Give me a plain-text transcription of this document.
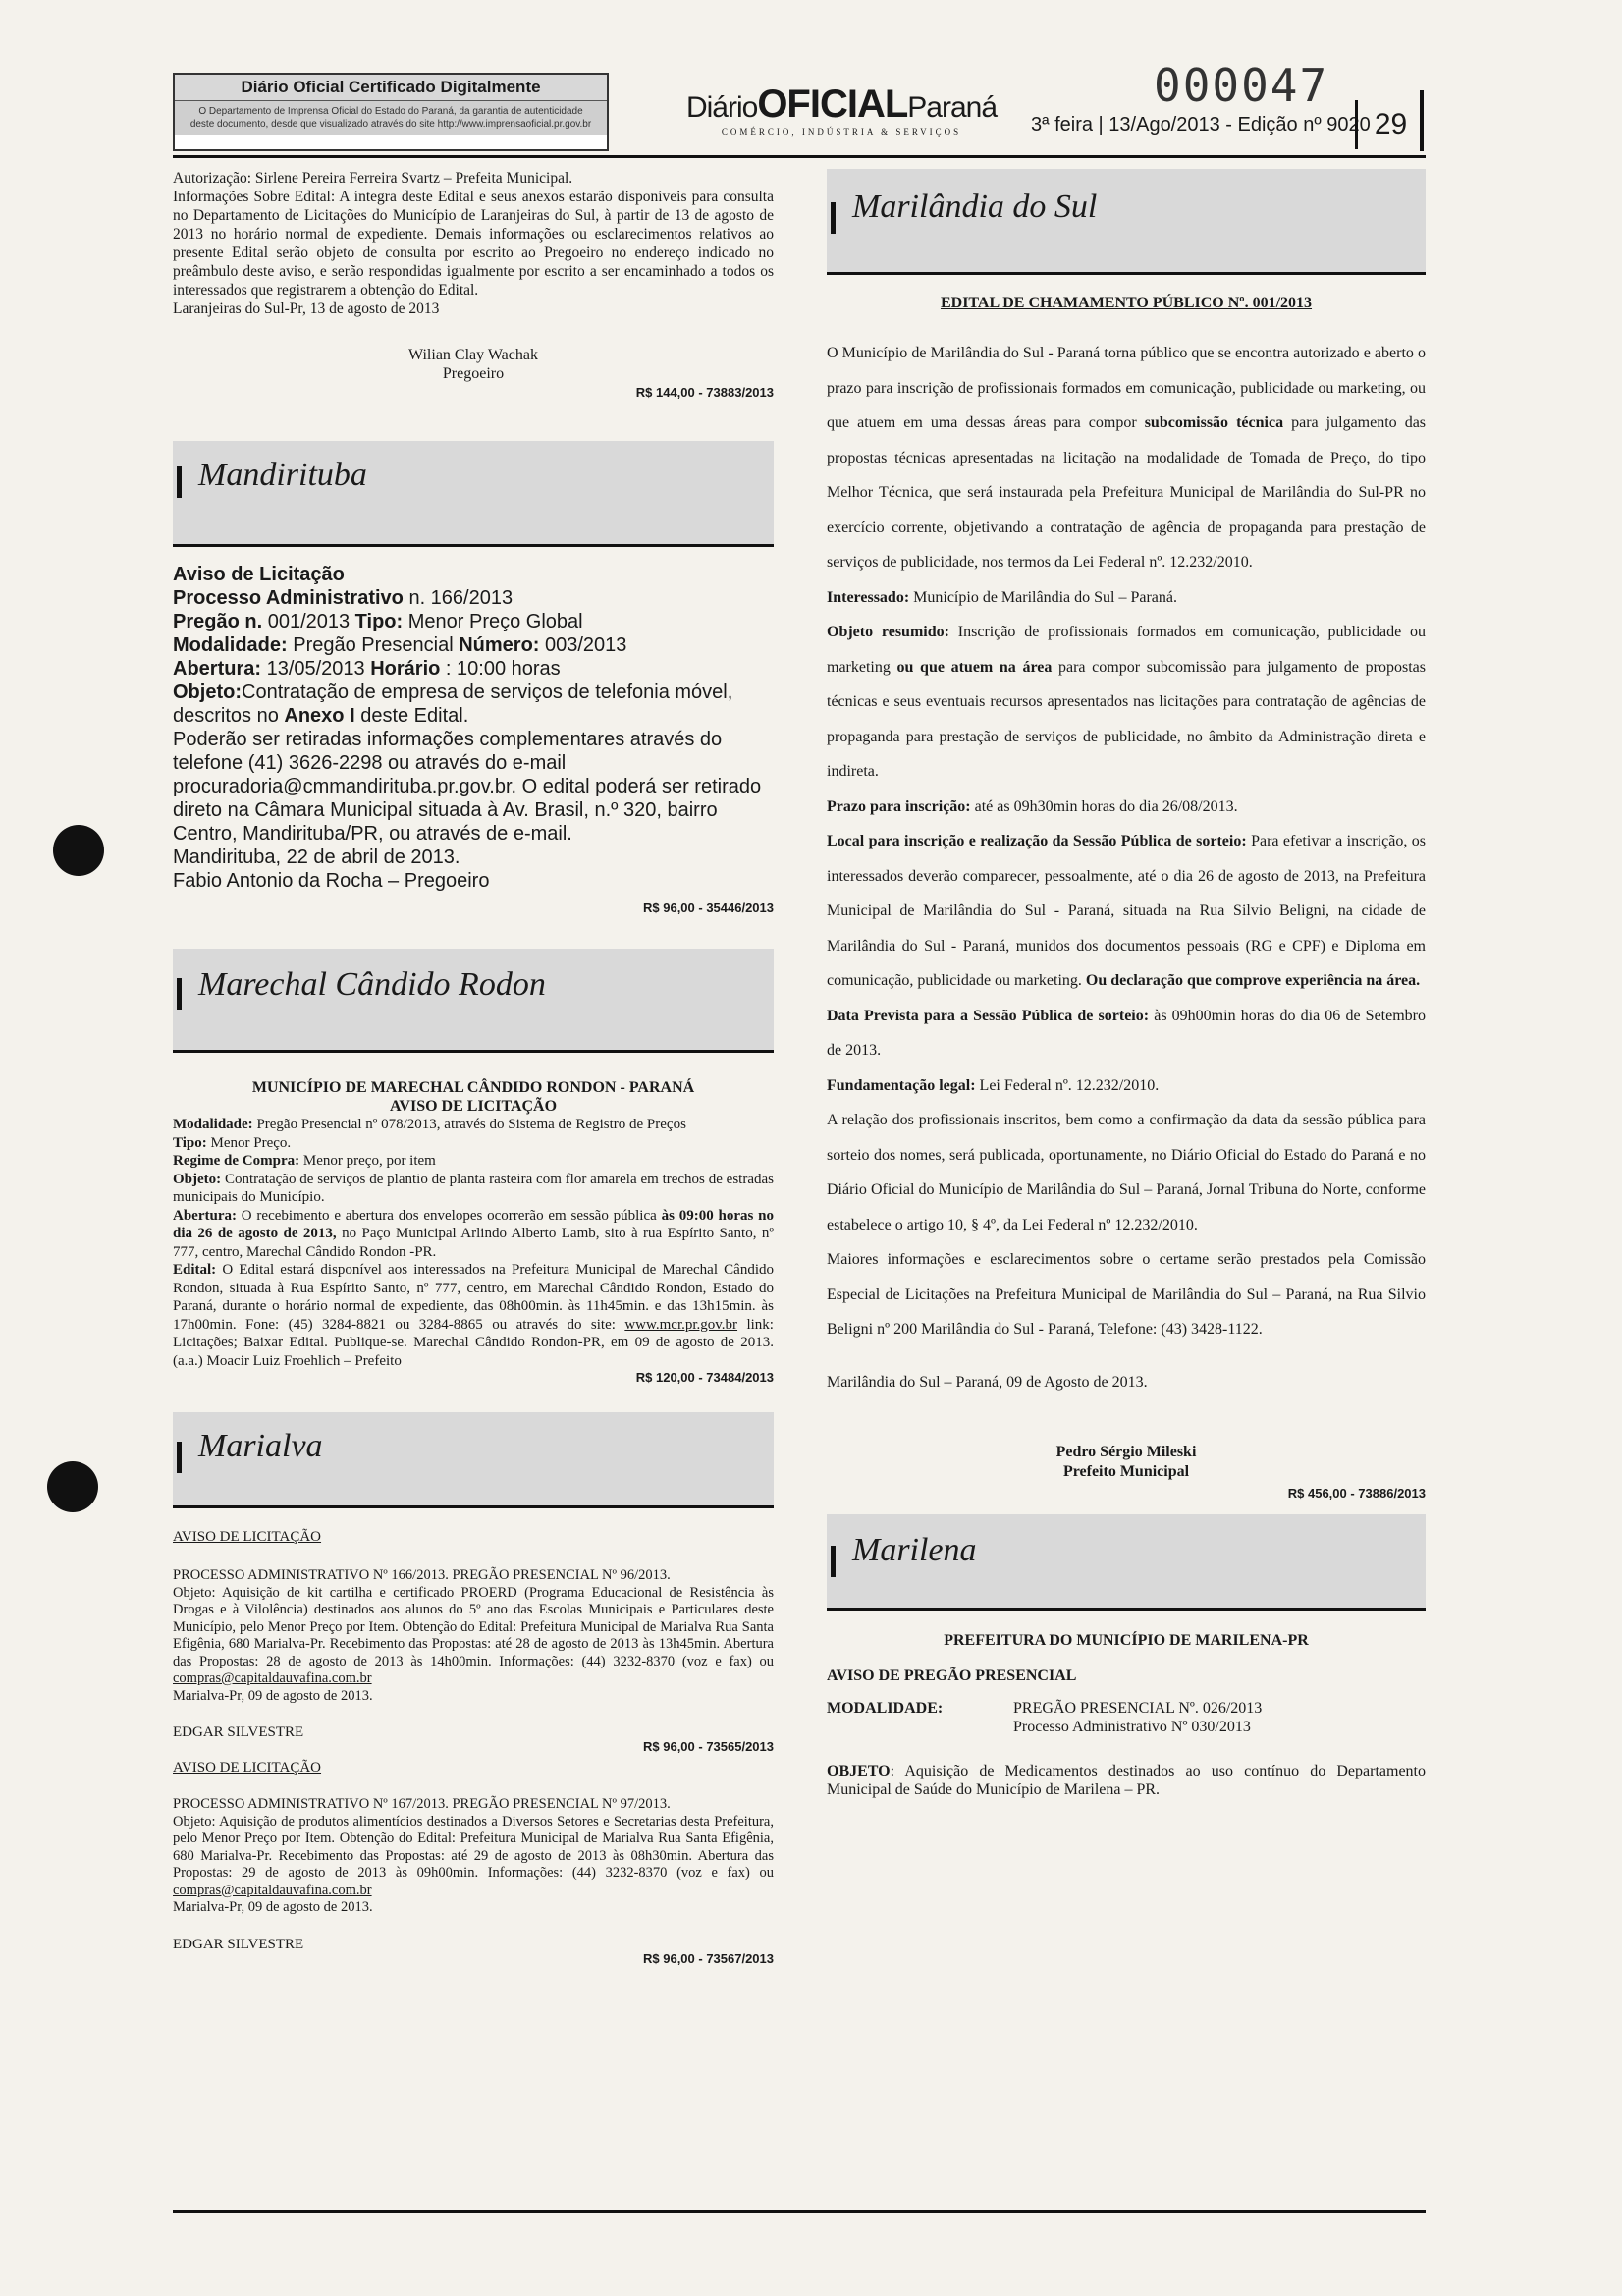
Diário Oficial Certificado Digitalmente
O Departamento de Imprensa Oficial do Estado do Paraná, da garantia de autenticidade deste documento, desde que visualizado através do site http://www.imprensaoficial.pr.gov.br
DiárioOFICIALParaná
COMÉRCIO, INDÚSTRIA & SERVIÇOS
000047
3ª feira | 13/Ago/2013 - Edição nº 9020 29
Autorização: Sirlene Pereira Ferreira Svartz – Prefeita Municipal.
Informações Sobre Edital: A íntegra deste Edital e seus anexos estarão disponíveis para consulta no Departamento de Licitações do Município de Laranjeiras do Sul, à partir de 13 de agosto de 2013 no horário normal de expediente. Demais informações ou esclarecimentos relativos ao presente Edital serão objeto de consulta por escrito ao Pregoeiro no endereço indicado no preâmbulo deste aviso, e serão respondidas igualmente por escrito a ser encaminhado a todos os interessados que registrarem a obtenção do Edital.
Laranjeiras do Sul-Pr, 13 de agosto de 2013
Wilian Clay Wachak
Pregoeiro
R$ 144,00 - 73883/2013
Mandirituba
Aviso de Licitação
Processo Administrativo n. 166/2013
Pregão n. 001/2013 Tipo: Menor Preço Global
Modalidade: Pregão Presencial Número: 003/2013
Abertura: 13/05/2013 Horário : 10:00 horas
Objeto:Contratação de empresa de serviços de telefonia móvel, descritos no Anexo I deste Edital.
Poderão ser retiradas informações complementares através do telefone (41) 3626-2298 ou através do e-mail procuradoria@cmmandirituba.pr.gov.br. O edital poderá ser retirado direto na Câmara Municipal situada à Av. Brasil, n.º 320, bairro Centro, Mandirituba/PR, ou através de e-mail.
Mandirituba, 22 de abril de 2013.
Fabio Antonio da Rocha – Pregoeiro
R$ 96,00 - 35446/2013
Marechal Cândido Rodon
MUNICÍPIO DE MARECHAL CÂNDIDO RONDON - PARANÁ
AVISO DE LICITAÇÃO
Modalidade: Pregão Presencial nº 078/2013, através do Sistema de Registro de Preços
Tipo: Menor Preço.
Regime de Compra: Menor preço, por item
Objeto: Contratação de serviços de plantio de planta rasteira com flor amarela em trechos de estradas municipais do Município.
Abertura: O recebimento e abertura dos envelopes ocorrerão em sessão pública às 09:00 horas no dia 26 de agosto de 2013, no Paço Municipal Arlindo Alberto Lamb, sito à rua Espírito Santo, nº 777, centro, Marechal Cândido Rondon -PR.
Edital: O Edital estará disponível aos interessados na Prefeitura Municipal de Marechal Cândido Rondon, situada à Rua Espírito Santo, nº 777, centro, em Marechal Cândido Rondon, Estado do Paraná, durante o horário normal de expediente, das 08h00min. às 11h45min. e das 13h15min. às 17h00min. Fone: (45) 3284-8821 ou 3284-8865 ou através do site: www.mcr.pr.gov.br link: Licitações; Baixar Edital. Publique-se. Marechal Cândido Rondon-PR, em 09 de agosto de 2013. (a.a.) Moacir Luiz Froehlich – Prefeito
R$ 120,00 - 73484/2013
Marialva
AVISO DE LICITAÇÃO
PROCESSO ADMINISTRATIVO Nº 166/2013. PREGÃO PRESENCIAL Nº 96/2013.
Objeto: Aquisição de kit cartilha e certificado PROERD (Programa Educacional de Resistência às Drogas e à Vilolência) destinados aos alunos do 5º ano das Escolas Municipais e Particulares deste Município, pelo Menor Preço por Item. Obtenção do Edital: Prefeitura Municipal de Marialva Rua Santa Efigênia, 680 Marialva-Pr. Recebimento das Propostas: até 28 de agosto de 2013 às 13h45min. Abertura das Propostas: 28 de agosto de 2013 às 14h00min. Informações: (44) 3232-8370 (voz e fax) ou compras@capitaldauvafina.com.br
Marialva-Pr, 09 de agosto de 2013.
EDGAR SILVESTRE
R$ 96,00 - 73565/2013
AVISO DE LICITAÇÃO
PROCESSO ADMINISTRATIVO Nº 167/2013. PREGÃO PRESENCIAL Nº 97/2013.
Objeto: Aquisição de produtos alimentícios destinados a Diversos Setores e Secretarias desta Prefeitura, pelo Menor Preço por Item. Obtenção do Edital: Prefeitura Municipal de Marialva Rua Santa Efigênia, 680 Marialva-Pr. Recebimento das Propostas: até 29 de agosto de 2013 às 08h30min. Abertura das Propostas: 29 de agosto de 2013 às 09h00min. Informações: (44) 3232-8370 (voz e fax) ou compras@capitaldauvafina.com.br
Marialva-Pr, 09 de agosto de 2013.
EDGAR SILVESTRE
R$ 96,00 - 73567/2013
Marilândia do Sul
EDITAL DE CHAMAMENTO PÚBLICO Nº. 001/2013
O Município de Marilândia do Sul - Paraná torna público que se encontra autorizado e aberto o prazo para inscrição de profissionais formados em comunicação, publicidade ou marketing, ou que atuem em uma dessas áreas para compor subcomissão técnica para julgamento das propostas técnicas apresentadas na licitação na modalidade de Tomada de Preço, do tipo Melhor Técnica, que será instaurada pela Prefeitura Municipal de Marilândia do Sul-PR no exercício corrente, objetivando a contratação de agência de propaganda para prestação de serviços de publicidade, nos termos da Lei Federal nº. 12.232/2010.
Interessado: Município de Marilândia do Sul – Paraná.
Objeto resumido: Inscrição de profissionais formados em comunicação, publicidade ou marketing ou que atuem na área para compor subcomissão para julgamento de propostas técnicas e seus eventuais recursos apresentados nas licitações para contratação de agências de propaganda para prestação de serviços de publicidade, no âmbito da Administração direta e indireta.
Prazo para inscrição: até as 09h30min horas do dia 26/08/2013.
Local para inscrição e realização da Sessão Pública de sorteio: Para efetivar a inscrição, os interessados deverão comparecer, pessoalmente, até o dia 26 de agosto de 2013, na Prefeitura Municipal de Marilândia do Sul - Paraná, situada na Rua Silvio Beligni, na cidade de Marilândia do Sul - Paraná, munidos dos documentos pessoais (RG e CPF) e Diploma em comunicação, publicidade ou marketing. Ou declaração que comprove experiência na área.
Data Prevista para a Sessão Pública de sorteio: às 09h00min horas do dia 06 de Setembro de 2013.
Fundamentação legal: Lei Federal nº. 12.232/2010.
A relação dos profissionais inscritos, bem como a confirmação da data da sessão pública para sorteio dos nomes, será publicada, oportunamente, no Diário Oficial do Estado do Paraná e no Diário Oficial do Município de Marilândia do Sul – Paraná, Jornal Tribuna do Norte, conforme estabelece o artigo 10, § 4º, da Lei Federal nº 12.232/2010.
Maiores informações e esclarecimentos sobre o certame serão prestados pela Comissão Especial de Licitações na Prefeitura Municipal de Marilândia do Sul – Paraná, na Rua Silvio Beligni nº 200 Marilândia do Sul - Paraná, Telefone: (43) 3428-1122.
Marilândia do Sul – Paraná, 09 de Agosto de 2013.
Pedro Sérgio Mileski
Prefeito Municipal
R$ 456,00 - 73886/2013
Marilena
PREFEITURA DO MUNICÍPIO DE MARILENA-PR
AVISO DE PREGÃO PRESENCIAL
MODALIDADE:	PREGÃO PRESENCIAL Nº. 026/2013
Processo Administrativo Nº 030/2013
OBJETO: Aquisição de Medicamentos destinados ao uso contínuo do Departamento Municipal de Saúde do Município de Marilena – PR.
